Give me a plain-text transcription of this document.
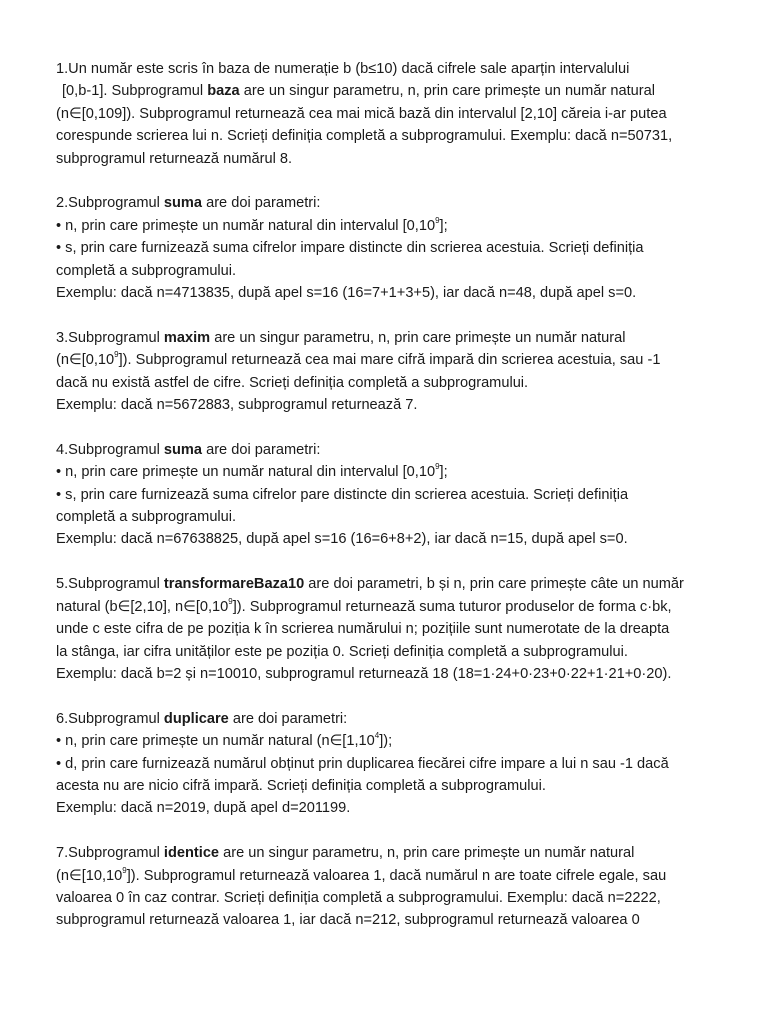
1.Un număr este scris în baza de numerație b (b≤10) dacă cifrele sale aparțin intervalului
[0,b-1]. Subprogramul baza are un singur parametru, n, prin care primește un număr natural
(n∈[0,109]). Subprogramul returnează cea mai mică bază din intervalul [2,10] căreia i-ar putea
corespunde scrierea lui n. Scrieți definiția completă a subprogramului. Exemplu: dacă n=50731,
subprogramul returnează numărul 8.
2.Subprogramul suma are doi parametri:
• n, prin care primește un număr natural din intervalul [0,10$^9$];
• s, prin care furnizează suma cifrelor impare distincte din scrierea acestuia. Scrieți definiția
completă a subprogramului.
Exemplu: dacă n=4713835, după apel s=16 (16=7+1+3+5), iar dacă n=48, după apel s=0.
3.Subprogramul maxim are un singur parametru, n, prin care primește un număr natural
(n∈[0,10$^9$]). Subprogramul returnează cea mai mare cifră impară din scrierea acestuia, sau -1
dacă nu există astfel de cifre. Scrieți definiția completă a subprogramului.
Exemplu: dacă n=5672883, subprogramul returnează 7.
4.Subprogramul suma are doi parametri:
• n, prin care primește un număr natural din intervalul [0,10$^9$];
• s, prin care furnizează suma cifrelor pare distincte din scrierea acestuia. Scrieți definiția
completă a subprogramului.
Exemplu: dacă n=67638825, după apel s=16 (16=6+8+2), iar dacă n=15, după apel s=0.
5.Subprogramul transformareBaza10 are doi parametri, b și n, prin care primește câte un număr
natural (b∈[2,10], n∈[0,10$^9$]). Subprogramul returnează suma tuturor produselor de forma c·bk,
unde c este cifra de pe poziția k în scrierea numărului n; pozițiile sunt numerotate de la dreapta
la stânga, iar cifra unităților este pe poziția 0. Scrieți definiția completă a subprogramului.
Exemplu: dacă b=2 și n=10010, subprogramul returnează 18 (18=1·24+0·23+0·22+1·21+0·20).
6.Subprogramul duplicare are doi parametri:
• n, prin care primește un număr natural (n∈[1,10$^4$]);
• d, prin care furnizează numărul obținut prin duplicarea fiecărei cifre impare a lui n sau -1 dacă
acesta nu are nicio cifră impară. Scrieți definiția completă a subprogramului.
Exemplu: dacă n=2019, după apel d=201199.
7.Subprogramul identice are un singur parametru, n, prin care primește un număr natural
(n∈[10,10$^9$]). Subprogramul returnează valoarea 1, dacă numărul n are toate cifrele egale, sau
valoarea 0 în caz contrar. Scrieți definiția completă a subprogramului. Exemplu: dacă n=2222,
subprogramul returnează valoarea 1, iar dacă n=212, subprogramul returnează valoarea 0
